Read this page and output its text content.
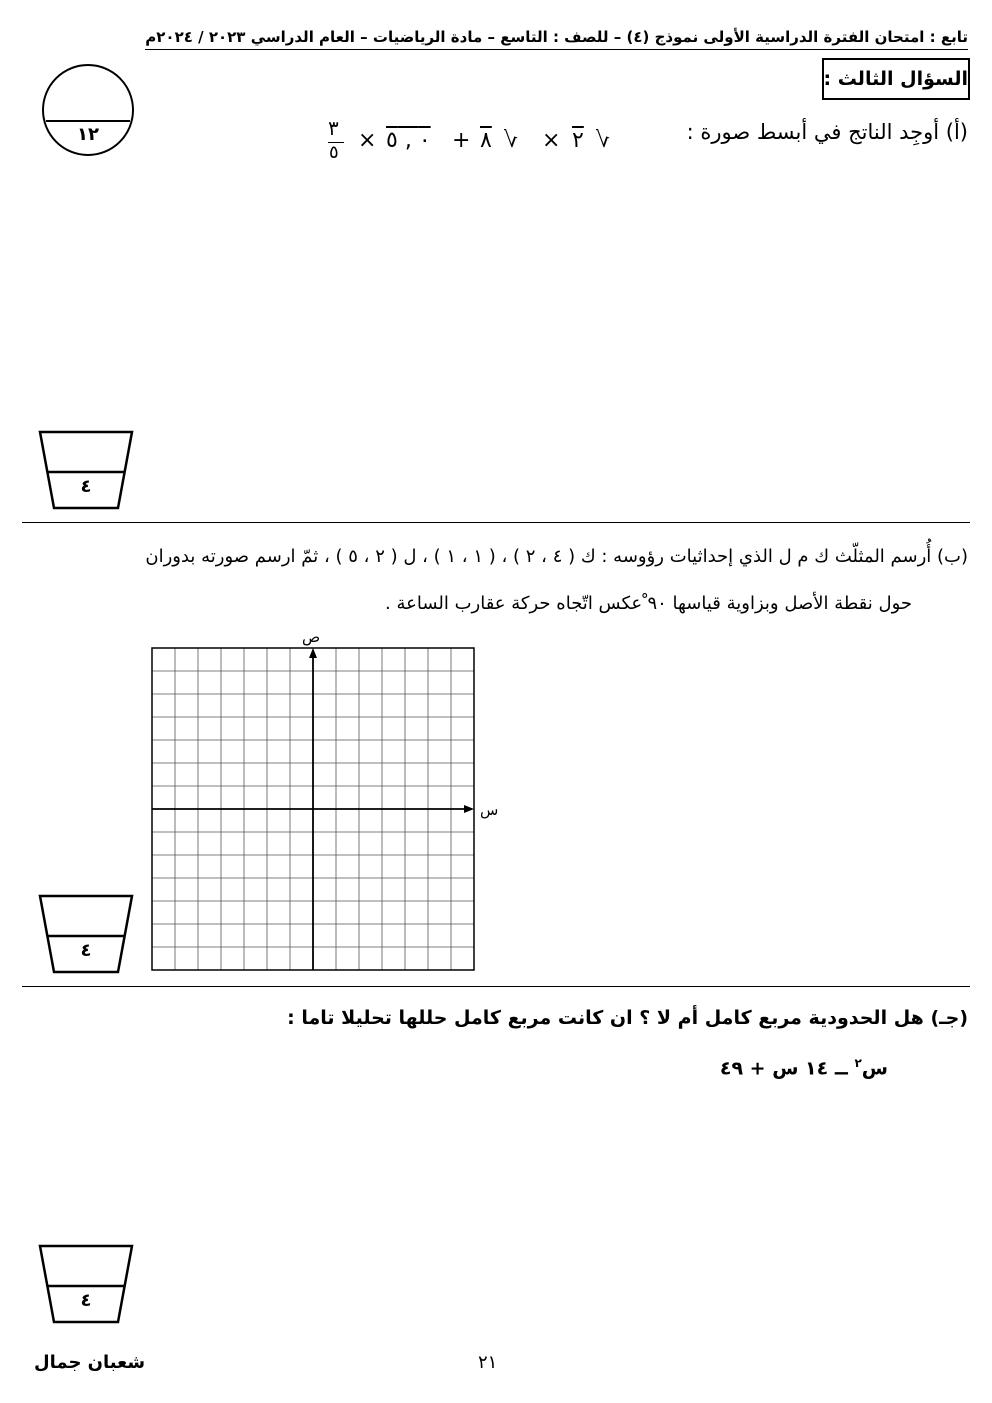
تابع : امتحان الفترة الدراسية الأولى نموذج (٤) – للصف : التاسع – مادة الرياضيات – العام الدراسي ٢٠٢٣ / ٢٠٢٤م
السؤال الثالث :
١٢	(أ) أوجِد الناتج في أبسط صورة :
٣
٥ × ٠ , ٥ + ٨ √ × ٢ √
٤
(ب) أُرسم المثلّث ك م ل الذي إحداثيات رؤوسه : ك ( ٤ ، ٢ ) ، ( ١ ، ١ ) ، ل ( ٢ ، ٥ ) ، ثمّ ارسم صورته بدوران
حول نقطة الأصل وبزاوية قياسها ٩٠ ْعكس اتّجاه حركة عقارب الساعة .
ص
س
٤
(جـ) هل الحدودية مربع كامل أم لا ؟ ان كانت مربع كامل حللها تحليلا تاما :
س$^٢$ ــ ١٤ س + ٤٩
٤
شعبان جمال	٢١
